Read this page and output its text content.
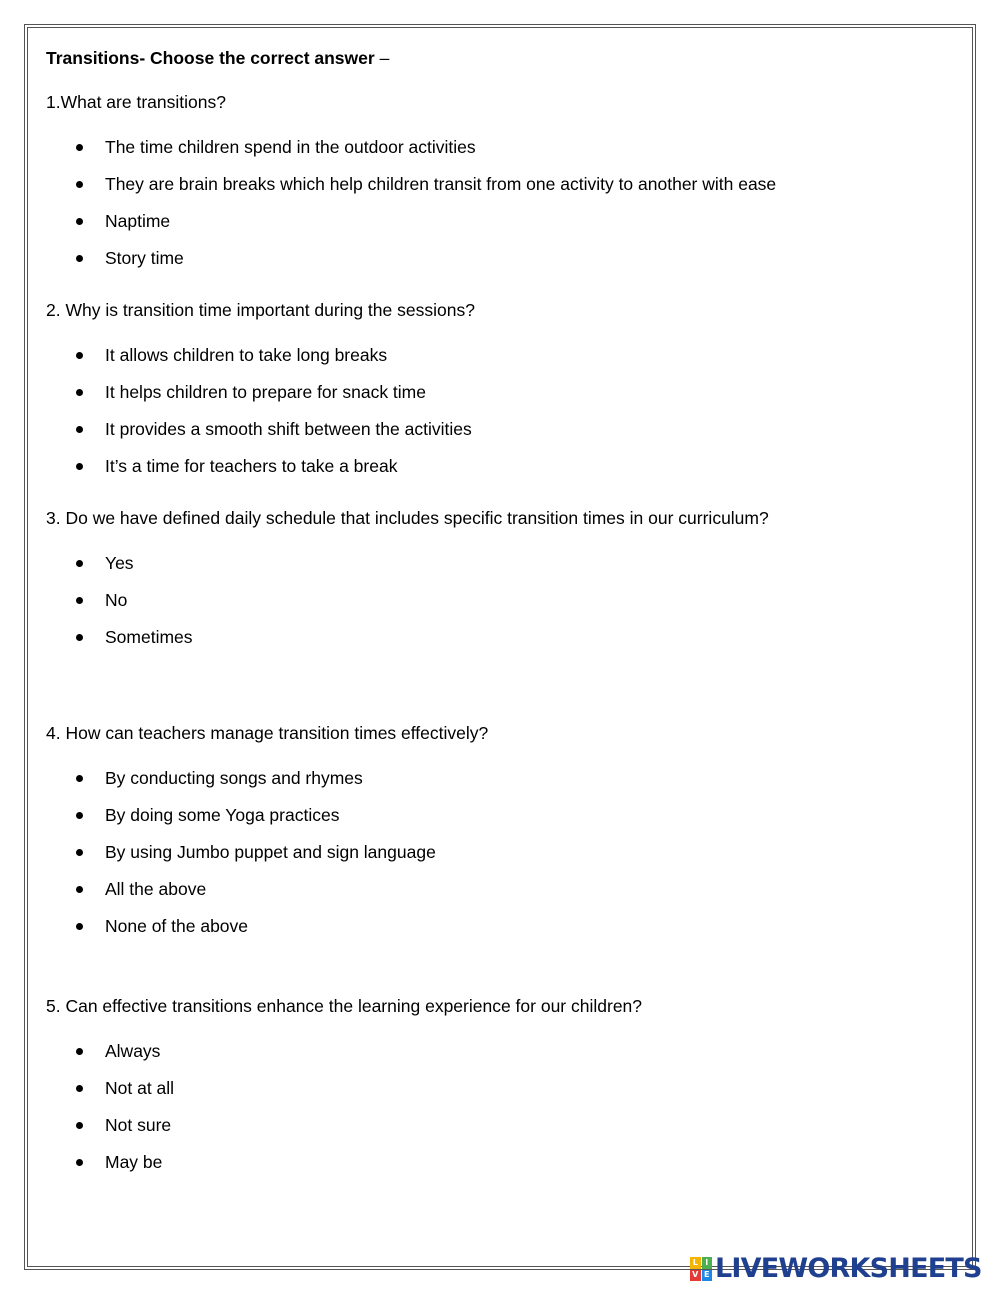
Transitions- Choose the correct answer –
1.What are transitions?
The time children spend in the outdoor activities
They are brain breaks which help children transit from one activity to another with ease
Naptime
Story time
2. Why is transition time important during the sessions?
It allows children to take long breaks
It helps children to prepare for snack time
It provides a smooth shift between the activities
It’s a time for teachers to take a break
3. Do we have defined daily schedule that includes specific transition times in our curriculum?
Yes
No
Sometimes
4. How can teachers manage transition times effectively?
By conducting songs and rhymes
By doing some Yoga practices
By using Jumbo puppet and sign language
All the above
None of the above
5. Can effective transitions enhance the learning experience for our children?
Always
Not at all
Not sure
May be
L I
V E LIVEWORKSHEETS
